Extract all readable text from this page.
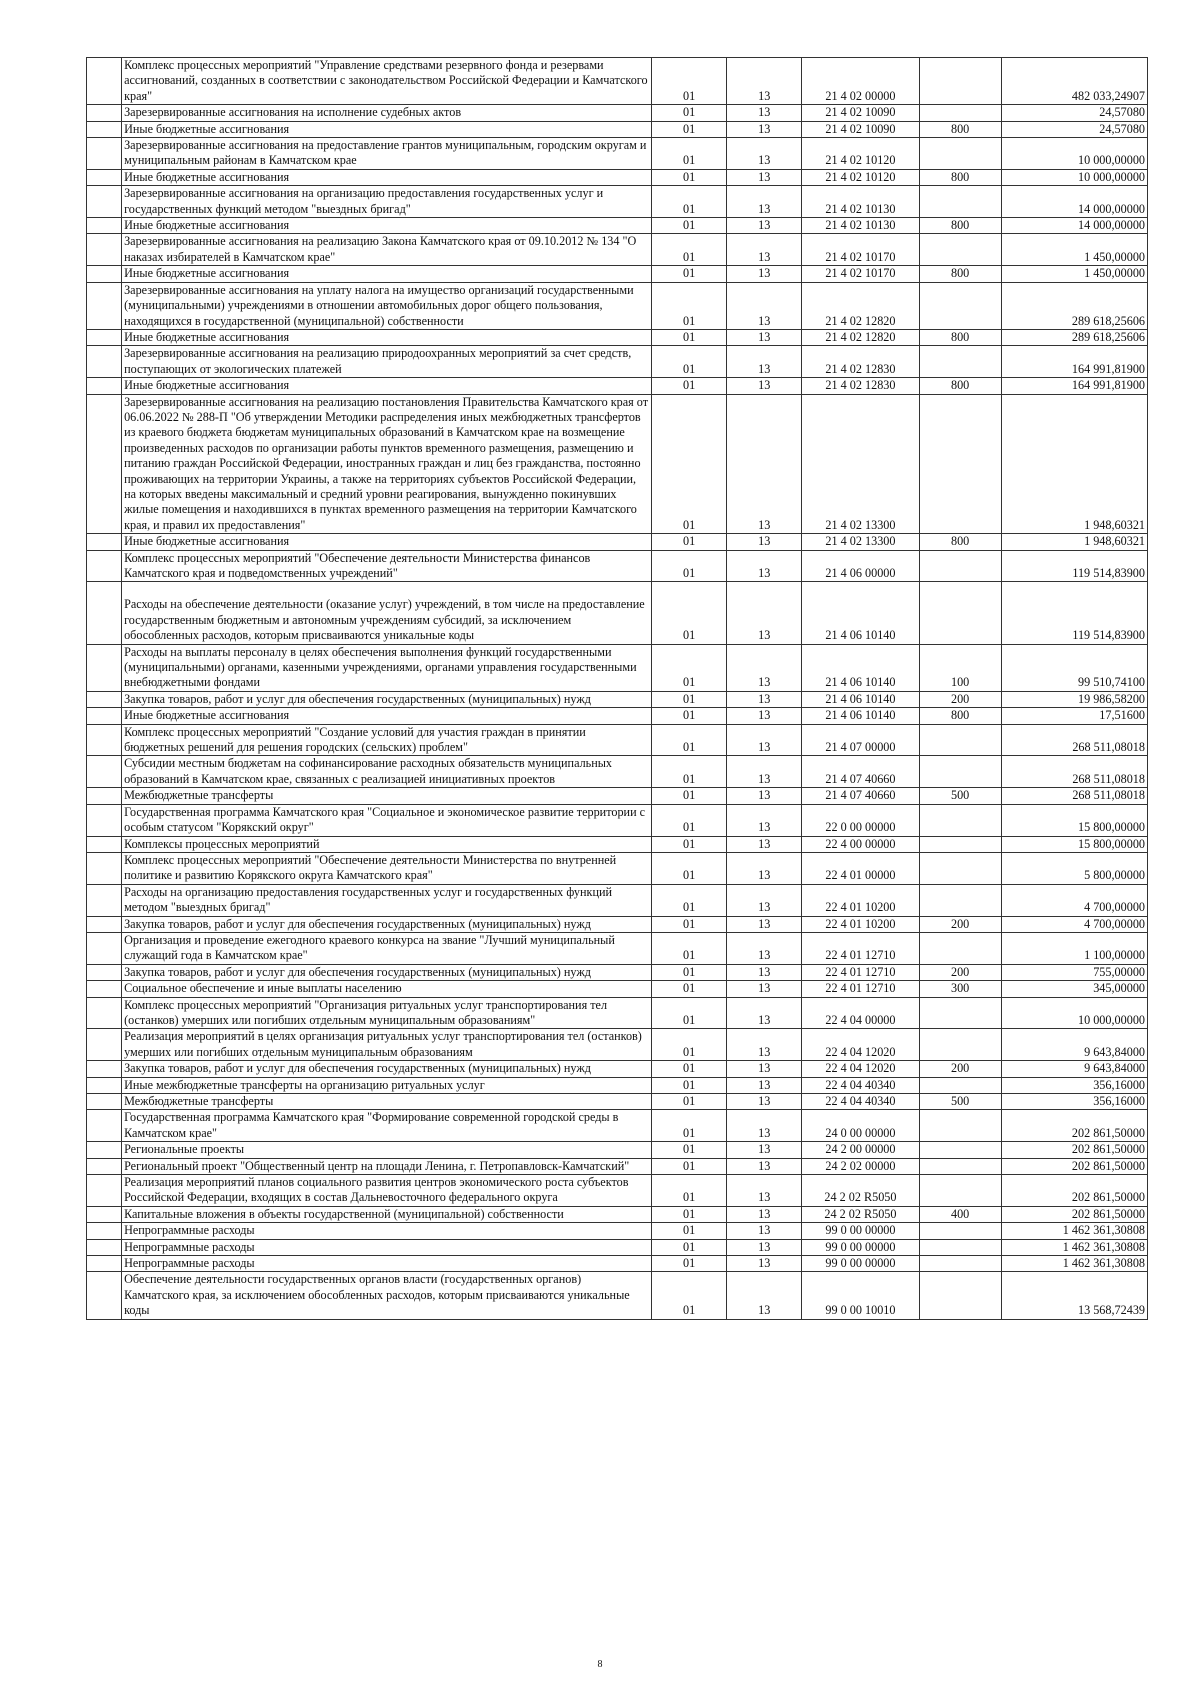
	Комплекс процессных мероприятий "Управление средствами резервного фонда и резервами ассигнований, созданных в соответствии с законодательством Российской Федерации и Камчатского края"	01	13	21 4 02 00000		482 033,24907
	Зарезервированные ассигнования на исполнение судебных актов	01	13	21 4 02 10090		24,57080
	Иные бюджетные ассигнования	01	13	21 4 02 10090	800	24,57080
	Зарезервированные ассигнования на предоставление грантов муниципальным, городским округам и муниципальным районам в Камчатском крае	01	13	21 4 02 10120		10 000,00000
	Иные бюджетные ассигнования	01	13	21 4 02 10120	800	10 000,00000
	Зарезервированные ассигнования на организацию предоставления государственных услуг и государственных функций методом "выездных бригад"	01	13	21 4 02 10130		14 000,00000
	Иные бюджетные ассигнования	01	13	21 4 02 10130	800	14 000,00000
	Зарезервированные ассигнования на реализацию Закона Камчатского края от 09.10.2012 № 134 "О наказах избирателей в Камчатском крае"	01	13	21 4 02 10170		1 450,00000
	Иные бюджетные ассигнования	01	13	21 4 02 10170	800	1 450,00000
	Зарезервированные ассигнования на уплату налога на имущество организаций государственными (муниципальными) учреждениями в отношении автомобильных дорог общего пользования, находящихся в государственной (муниципальной) собственности	01	13	21 4 02 12820		289 618,25606
	Иные бюджетные ассигнования	01	13	21 4 02 12820	800	289 618,25606
	Зарезервированные ассигнования на реализацию природоохранных мероприятий за счет средств, поступающих от экологических платежей	01	13	21 4 02 12830		164 991,81900
	Иные бюджетные ассигнования	01	13	21 4 02 12830	800	164 991,81900
	Зарезервированные ассигнования на реализацию постановления Правительства Камчатского края от 06.06.2022 № 288-П "Об утверждении Методики распределения иных межбюджетных трансфертов из краевого бюджета бюджетам муниципальных образований в Камчатском крае на возмещение произведенных расходов по организации работы пунктов временного размещения, размещению и питанию граждан Российской Федерации, иностранных граждан и лиц без гражданства, постоянно проживающих на территории Украины, а также на территориях субъектов Российской Федерации, на которых введены максимальный и средний уровни реагирования, вынужденно покинувших жилые помещения и находившихся в пунктах временного размещения на территории Камчатского края, и правил их предоставления"	01	13	21 4 02 13300		1 948,60321
	Иные бюджетные ассигнования	01	13	21 4 02 13300	800	1 948,60321
	Комплекс процессных мероприятий "Обеспечение деятельности Министерства финансов Камчатского края и подведомственных учреждений"	01	13	21 4 06 00000		119 514,83900
	Расходы на обеспечение деятельности (оказание услуг) учреждений, в том числе на предоставление государственным бюджетным и автономным учреждениям субсидий, за исключением обособленных расходов, которым присваиваются уникальные коды	01	13	21 4 06 10140		119 514,83900
	Расходы на выплаты персоналу в целях обеспечения выполнения функций государственными (муниципальными) органами, казенными учреждениями, органами управления государственными внебюджетными фондами	01	13	21 4 06 10140	100	99 510,74100
	Закупка товаров, работ и услуг для обеспечения государственных (муниципальных) нужд	01	13	21 4 06 10140	200	19 986,58200
	Иные бюджетные ассигнования	01	13	21 4 06 10140	800	17,51600
	Комплекс процессных мероприятий "Создание условий для участия граждан в принятии бюджетных решений для решения городских (сельских) проблем"	01	13	21 4 07 00000		268 511,08018
	Субсидии местным бюджетам на софинансирование расходных обязательств муниципальных образований в Камчатском крае, связанных с реализацией инициативных проектов	01	13	21 4 07 40660		268 511,08018
	Межбюджетные трансферты	01	13	21 4 07 40660	500	268 511,08018
	Государственная программа Камчатского края "Социальное и экономическое развитие территории с особым статусом "Корякский округ"	01	13	22 0 00 00000		15 800,00000
	Комплексы процессных мероприятий	01	13	22 4 00 00000		15 800,00000
	Комплекс процессных мероприятий "Обеспечение деятельности Министерства по внутренней политике и развитию Корякского округа Камчатского края"	01	13	22 4 01 00000		5 800,00000
	Расходы на организацию предоставления государственных услуг и государственных функций методом "выездных бригад"	01	13	22 4 01 10200		4 700,00000
	Закупка товаров, работ и услуг для обеспечения государственных (муниципальных) нужд	01	13	22 4 01 10200	200	4 700,00000
	Организация и проведение ежегодного краевого конкурса на звание "Лучший муниципальный служащий года в Камчатском крае"	01	13	22 4 01 12710		1 100,00000
	Закупка товаров, работ и услуг для обеспечения государственных (муниципальных) нужд	01	13	22 4 01 12710	200	755,00000
	Социальное обеспечение и иные выплаты населению	01	13	22 4 01 12710	300	345,00000
	Комплекс процессных мероприятий "Организация ритуальных услуг транспортирования тел (останков) умерших или погибших отдельным муниципальным образованиям"	01	13	22 4 04 00000		10 000,00000
	Реализация мероприятий в целях организация ритуальных услуг транспортирования тел (останков) умерших или погибших отдельным муниципальным образованиям	01	13	22 4 04 12020		9 643,84000
	Закупка товаров, работ и услуг для обеспечения государственных (муниципальных) нужд	01	13	22 4 04 12020	200	9 643,84000
	Иные межбюджетные трансферты на организацию ритуальных услуг	01	13	22 4 04 40340		356,16000
	Межбюджетные трансферты	01	13	22 4 04 40340	500	356,16000
	Государственная программа Камчатского края "Формирование современной городской среды в Камчатском крае"	01	13	24 0 00 00000		202 861,50000
	Региональные проекты	01	13	24 2 00 00000		202 861,50000
	Региональный проект "Общественный центр на площади Ленина, г. Петропавловск-Камчатский"	01	13	24 2 02 00000		202 861,50000
	Реализация мероприятий планов социального развития центров экономического роста субъектов Российской Федерации, входящих в состав Дальневосточного федерального округа	01	13	24 2 02 R5050		202 861,50000
	Капитальные вложения в объекты государственной (муниципальной) собственности	01	13	24 2 02 R5050	400	202 861,50000
	Непрограммные расходы	01	13	99 0 00 00000		1 462 361,30808
	Непрограммные расходы	01	13	99 0 00 00000		1 462 361,30808
	Непрограммные расходы	01	13	99 0 00 00000		1 462 361,30808
	Обеспечение деятельности государственных органов власти (государственных органов) Камчатского края, за исключением обособленных расходов, которым присваиваются уникальные коды	01	13	99 0 00 10010		13 568,72439
8
